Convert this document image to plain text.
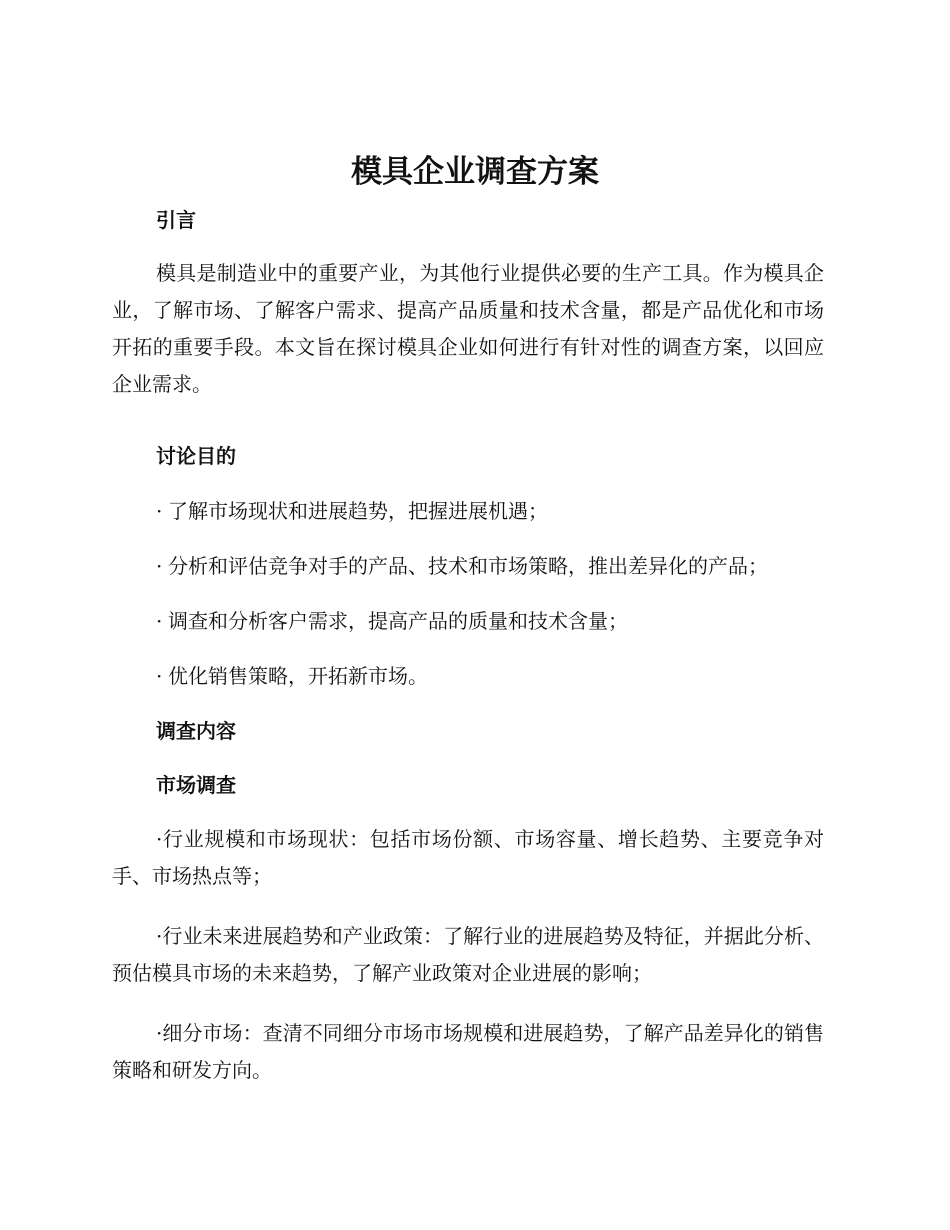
模具企业调查方案
引言

模具是制造业中的重要产业，为其他行业提供必要的生产工具。作为模具企业，了解市场、了解客户需求、提高产品质量和技术含量，都是产品优化和市场开拓的重要手段。本文旨在探讨模具企业如何进行有针对性的调查方案，以回应企业需求。

讨论目的

· 了解市场现状和进展趋势，把握进展机遇；

· 分析和评估竞争对手的产品、技术和市场策略，推出差异化的产品；

· 调查和分析客户需求，提高产品的质量和技术含量；

· 优化销售策略，开拓新市场。

调查内容
市场调查

·行业规模和市场现状：包括市场份额、市场容量、增长趋势、主要竞争对手、市场热点等；

·行业未来进展趋势和产业政策：了解行业的进展趋势及特征，并据此分析、预估模具市场的未来趋势，了解产业政策对企业进展的影响；

·细分市场：查清不同细分市场市场规模和进展趋势，了解产品差异化的销售策略和研发方向。
